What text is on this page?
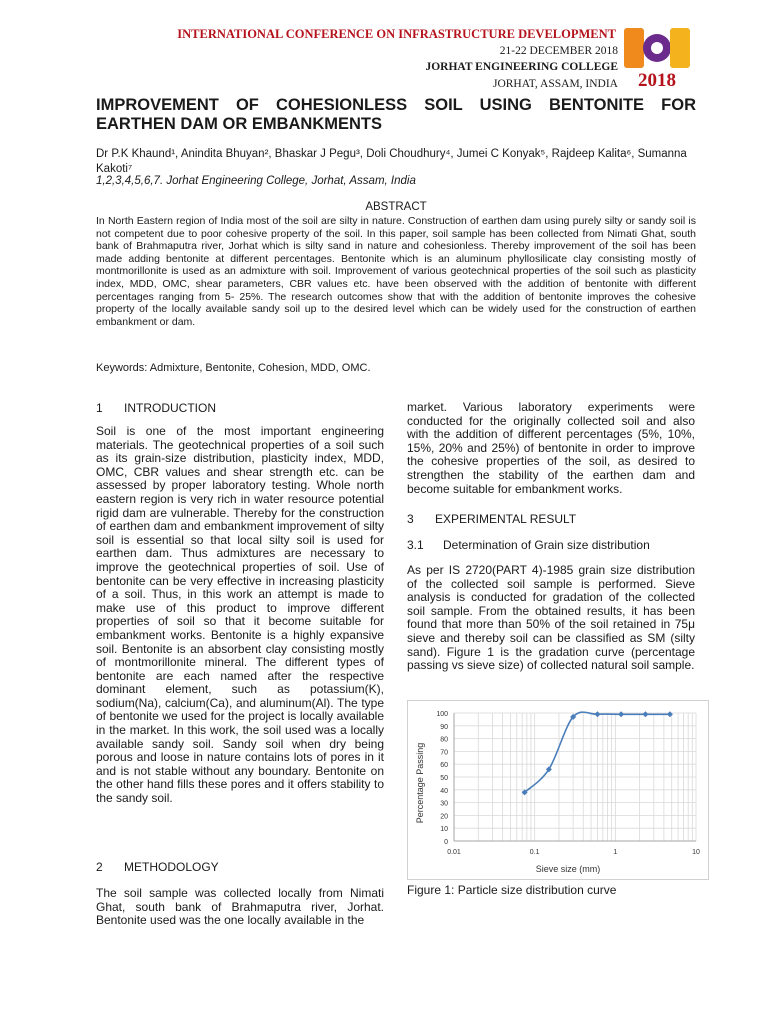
INTERNATIONAL CONFERENCE ON INFRASTRUCTURE DEVELOPMENT
21-22 DECEMBER 2018
JORHAT ENGINEERING COLLEGE
JORHAT, ASSAM, INDIA 2018
IMPROVEMENT OF COHESIONLESS SOIL USING BENTONITE FOR EARTHEN DAM OR EMBANKMENTS
Dr P.K Khaund¹, Anindita Bhuyan², Bhaskar J Pegu³, Doli Choudhury⁴, Jumei C Konyak⁵, Rajdeep Kalita⁶, Sumanna Kakoti⁷
1,2,3,4,5,6,7. Jorhat Engineering College, Jorhat, Assam, India
ABSTRACT
In North Eastern region of India most of the soil are silty in nature. Construction of earthen dam using purely silty or sandy soil is not competent due to poor cohesive property of the soil. In this paper, soil sample has been collected from Nimati Ghat, south bank of Brahmaputra river, Jorhat which is silty sand in nature and cohesionless. Thereby improvement of the soil has been made adding bentonite at different percentages. Bentonite which is an aluminum phyllosilicate clay consisting mostly of montmorillonite is used as an admixture with soil. Improvement of various geotechnical properties of the soil such as plasticity index, MDD, OMC, shear parameters, CBR values etc. have been observed with the addition of bentonite with different percentages ranging from 5- 25%. The research outcomes show that with the addition of bentonite improves the cohesive property of the locally available sandy soil up to the desired level which can be widely used for the construction of earthen embankment or dam.
Keywords: Admixture, Bentonite, Cohesion, MDD, OMC.
1 INTRODUCTION
Soil is one of the most important engineering materials. The geotechnical properties of a soil such as its grain-size distribution, plasticity index, MDD, OMC, CBR values and shear strength etc. can be assessed by proper laboratory testing. Whole north eastern region is very rich in water resource potential rigid dam are vulnerable. Thereby for the construction of earthen dam and embankment improvement of silty soil is essential so that local silty soil is used for earthen dam. Thus admixtures are necessary to improve the geotechnical properties of soil. Use of bentonite can be very effective in increasing plasticity of a soil. Thus, in this work an attempt is made to make use of this product to improve different properties of soil so that it become suitable for embankment works. Bentonite is a highly expansive soil. Bentonite is an absorbent clay consisting mostly of montmorillonite mineral. The different types of bentonite are each named after the respective dominant element, such as potassium(K), sodium(Na), calcium(Ca), and aluminum(Al). The type of bentonite we used for the project is locally available in the market. In this work, the soil used was a locally available sandy soil. Sandy soil when dry being porous and loose in nature contains lots of pores in it and is not stable without any boundary. Bentonite on the other hand fills these pores and it offers stability to the sandy soil.
2 METHODOLOGY
The soil sample was collected locally from Nimati Ghat, south bank of Brahmaputra river, Jorhat. Bentonite used was the one locally available in the
market. Various laboratory experiments were conducted for the originally collected soil and also with the addition of different percentages (5%, 10%, 15%, 20% and 25%) of bentonite in order to improve the cohesive properties of the soil, as desired to strengthen the stability of the earthen dam and become suitable for embankment works.
3 EXPERIMENTAL RESULT
3.1 Determination of Grain size distribution
As per IS 2720(PART 4)-1985 grain size distribution of the collected soil sample is performed. Sieve analysis is conducted for gradation of the collected soil sample. From the obtained results, it has been found that more than 50% of the soil retained in 75μ sieve and thereby soil can be classified as SM (silty sand). Figure 1 is the gradation curve (percentage passing vs sieve size) of collected natural soil sample.
0
10
20
30
40
50
60
70
80
90
100
0.01	0.1	1	10
Percentage Passing
Sieve size (mm)
Figure 1: Particle size distribution curve
